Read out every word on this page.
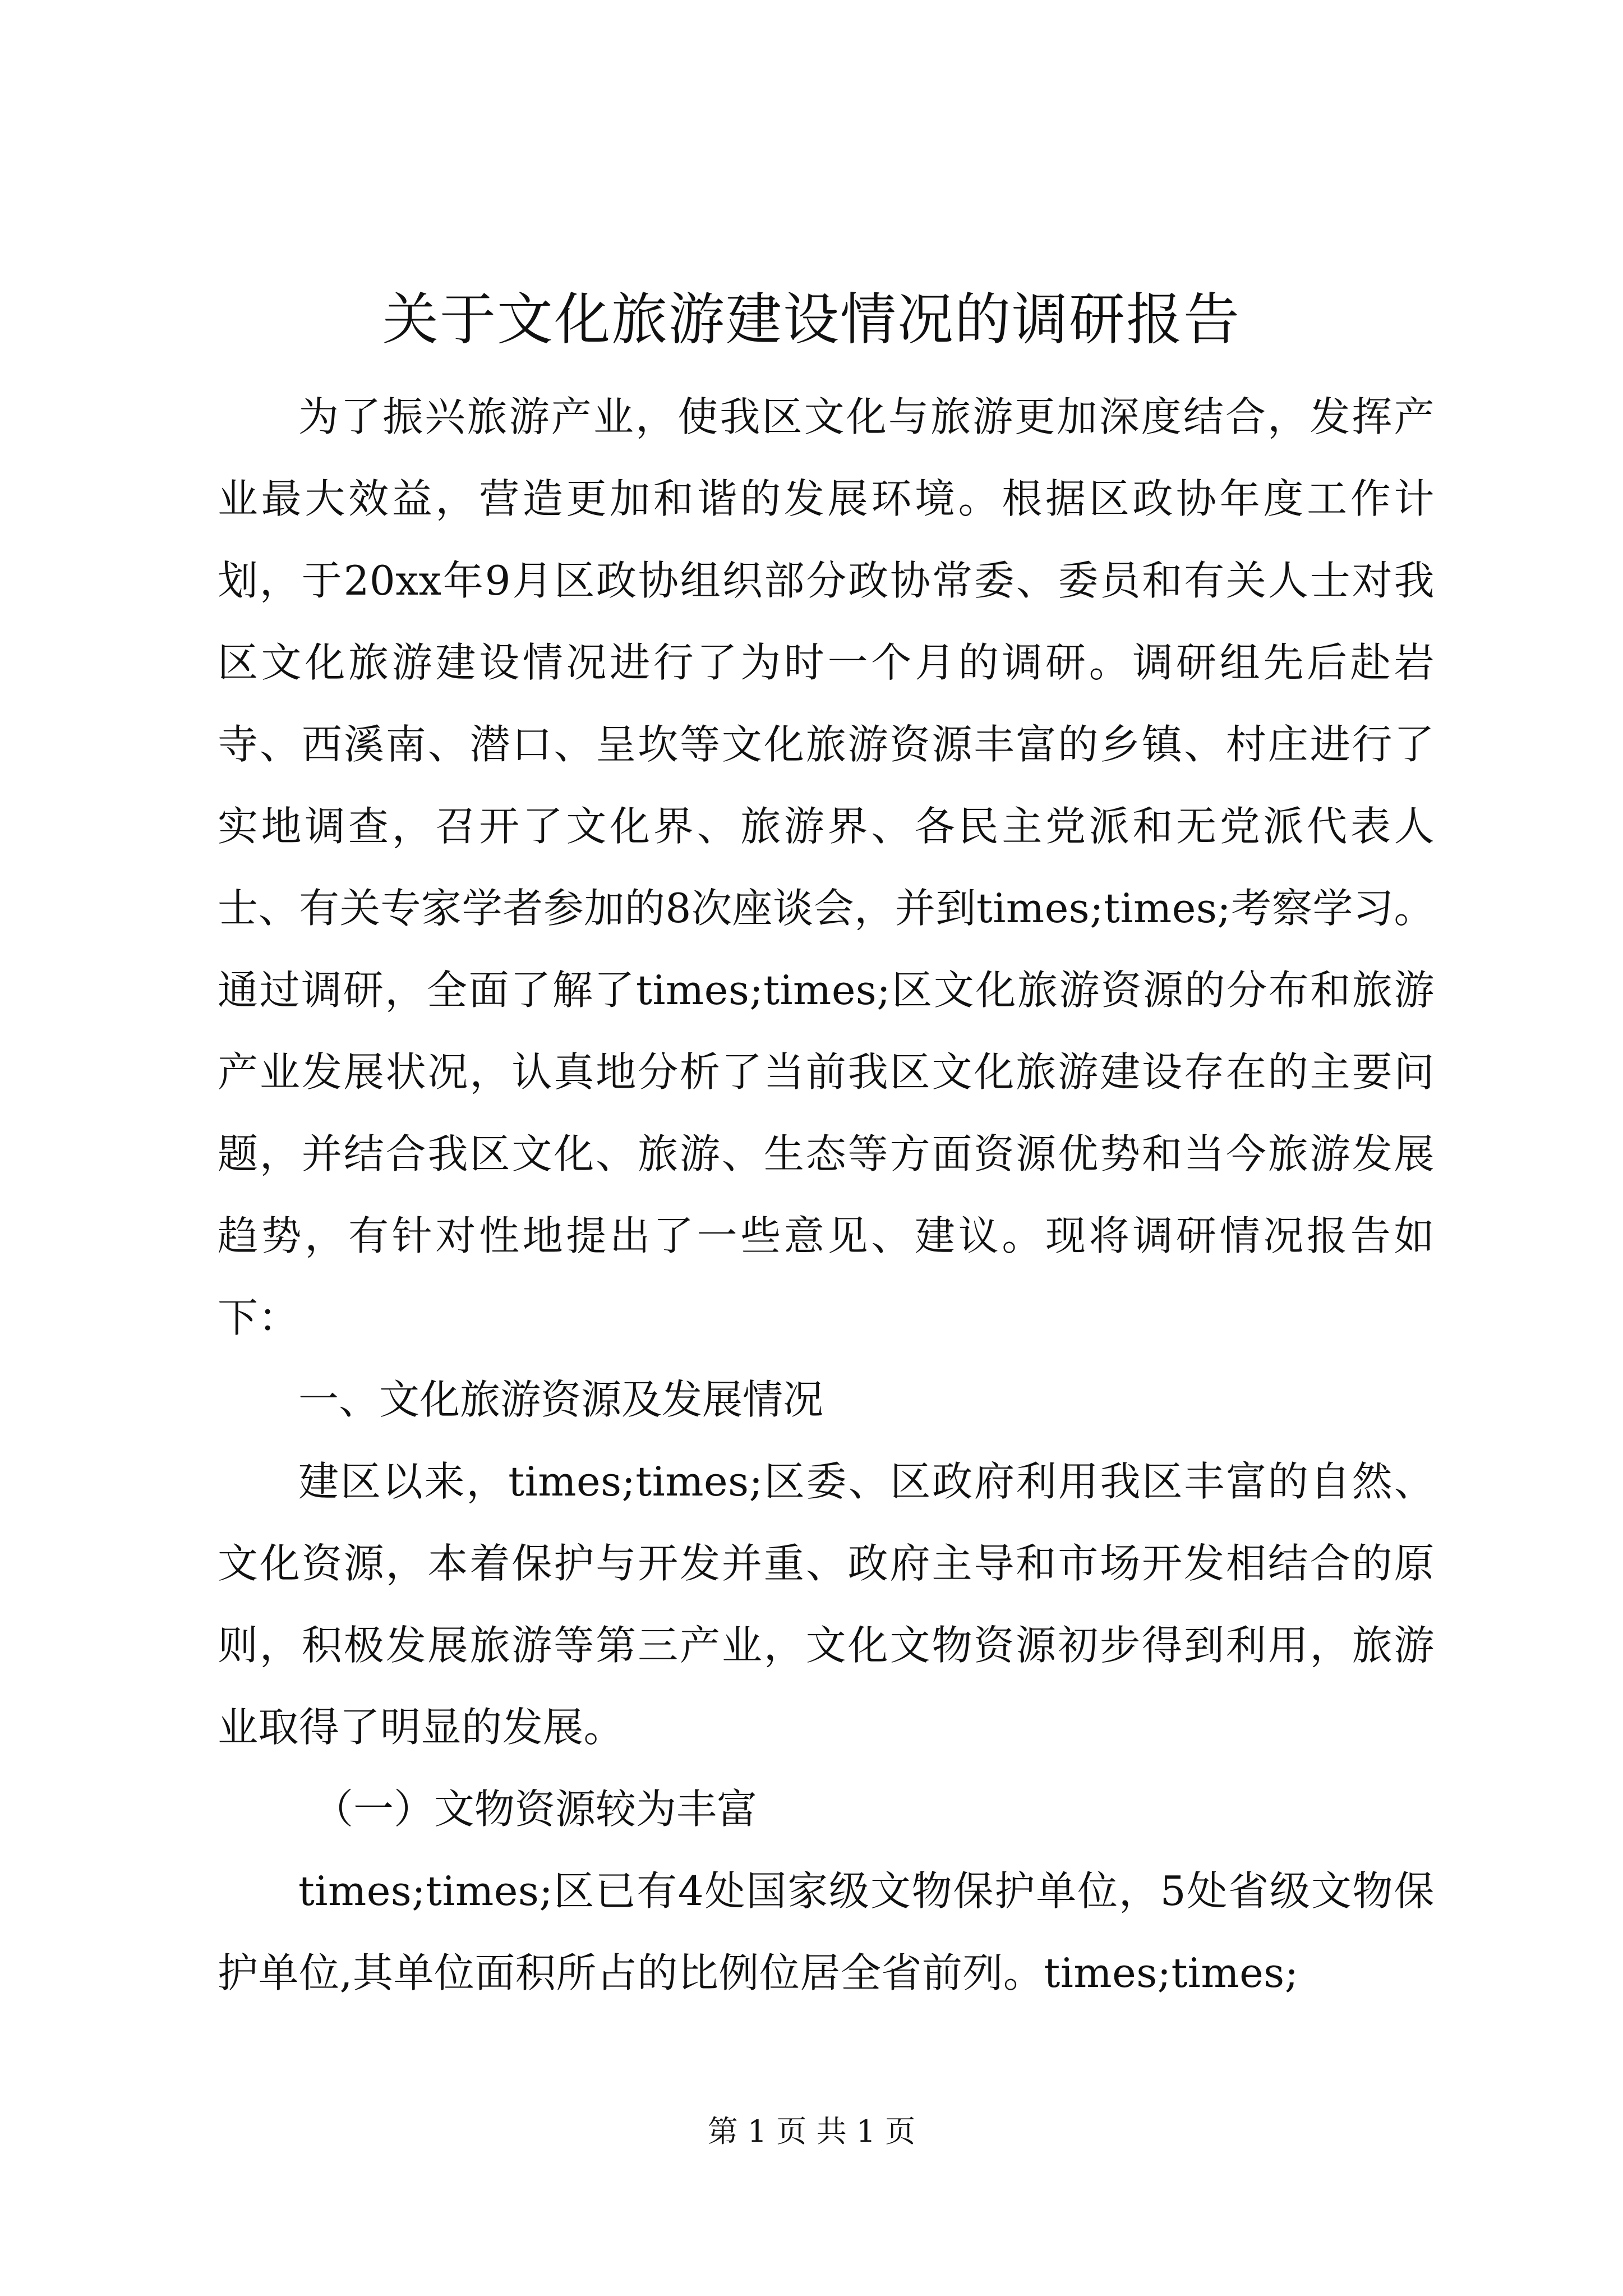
关于文化旅游建设情况的调研报告

为了振兴旅游产业，使我区文化与旅游更加深度结合，发挥产业最大效益，营造更加和谐的发展环境。根据区政协年度工作计划，于20xx年9月区政协组织部分政协常委、委员和有关人士对我区文化旅游建设情况进行了为时一个月的调研。调研组先后赴岩寺、西溪南、潜口、呈坎等文化旅游资源丰富的乡镇、村庄进行了实地调查，召开了文化界、旅游界、各民主党派和无党派代表人士、有关专家学者参加的8次座谈会，并到times;times;考察学习。通过调研，全面了解了times;times;区文化旅游资源的分布和旅游产业发展状况，认真地分析了当前我区文化旅游建设存在的主要问题，并结合我区文化、旅游、生态等方面资源优势和当今旅游发展趋势，有针对性地提出了一些意见、建议。现将调研情况报告如下：

一、文化旅游资源及发展情况

建区以来，times;times;区委、区政府利用我区丰富的自然、文化资源，本着保护与开发并重、政府主导和市场开发相结合的原则，积极发展旅游等第三产业，文化文物资源初步得到利用，旅游业取得了明显的发展。

（一）文物资源较为丰富

times;times;区已有4处国家级文物保护单位，5处省级文物保护单位,其单位面积所占的比例位居全省前列。times;times;

第 1 页 共 1 页
